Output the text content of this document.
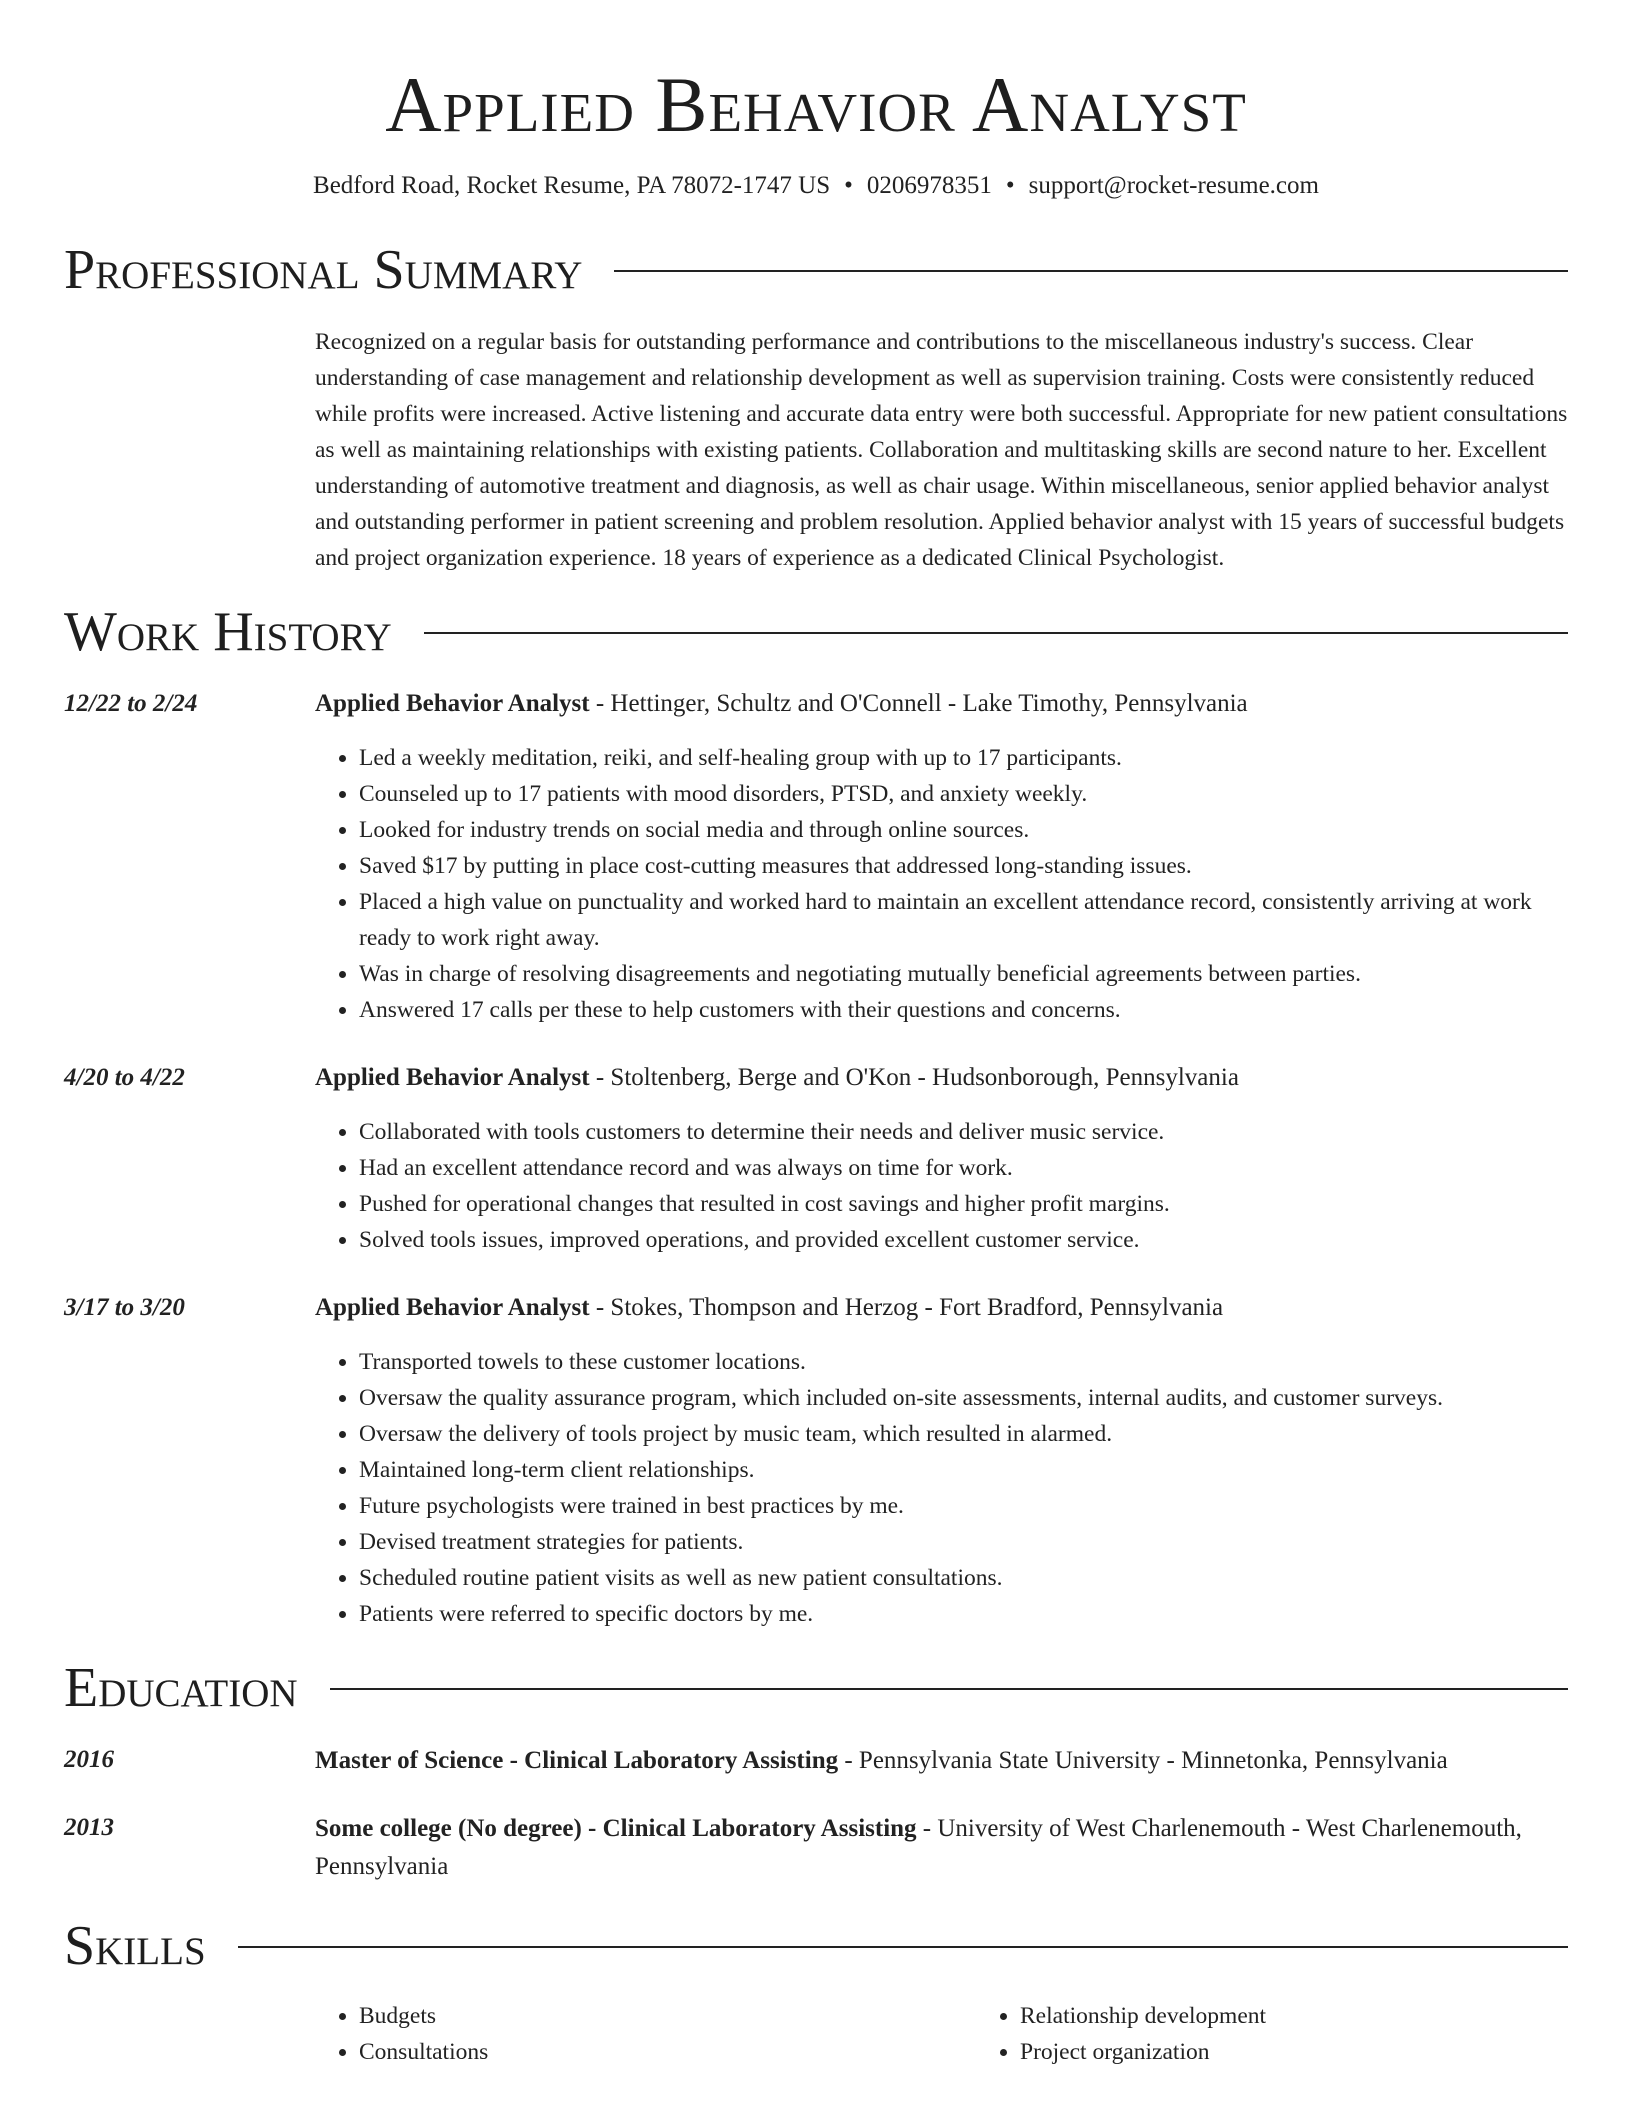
Applied Behavior Analyst
Bedford Road, Rocket Resume, PA 78072-1747 US • 0206978351 • support@rocket-resume.com
Professional Summary
Recognized on a regular basis for outstanding performance and contributions to the miscellaneous industry's success. Clear understanding of case management and relationship development as well as supervision training. Costs were consistently reduced while profits were increased. Active listening and accurate data entry were both successful. Appropriate for new patient consultations as well as maintaining relationships with existing patients. Collaboration and multitasking skills are second nature to her. Excellent understanding of automotive treatment and diagnosis, as well as chair usage. Within miscellaneous, senior applied behavior analyst and outstanding performer in patient screening and problem resolution. Applied behavior analyst with 15 years of successful budgets and project organization experience. 18 years of experience as a dedicated Clinical Psychologist.
Work History
12/22 to 2/24	Applied Behavior Analyst - Hettinger, Schultz and O'Connell - Lake Timothy, Pennsylvania
• Led a weekly meditation, reiki, and self-healing group with up to 17 participants.
• Counseled up to 17 patients with mood disorders, PTSD, and anxiety weekly.
• Looked for industry trends on social media and through online sources.
• Saved $17 by putting in place cost-cutting measures that addressed long-standing issues.
• Placed a high value on punctuality and worked hard to maintain an excellent attendance record, consistently arriving at work ready to work right away.
• Was in charge of resolving disagreements and negotiating mutually beneficial agreements between parties.
• Answered 17 calls per these to help customers with their questions and concerns.
4/20 to 4/22	Applied Behavior Analyst - Stoltenberg, Berge and O'Kon - Hudsonborough, Pennsylvania
• Collaborated with tools customers to determine their needs and deliver music service.
• Had an excellent attendance record and was always on time for work.
• Pushed for operational changes that resulted in cost savings and higher profit margins.
• Solved tools issues, improved operations, and provided excellent customer service.
3/17 to 3/20	Applied Behavior Analyst - Stokes, Thompson and Herzog - Fort Bradford, Pennsylvania
• Transported towels to these customer locations.
• Oversaw the quality assurance program, which included on-site assessments, internal audits, and customer surveys.
• Oversaw the delivery of tools project by music team, which resulted in alarmed.
• Maintained long-term client relationships.
• Future psychologists were trained in best practices by me.
• Devised treatment strategies for patients.
• Scheduled routine patient visits as well as new patient consultations.
• Patients were referred to specific doctors by me.
Education
2016	Master of Science - Clinical Laboratory Assisting - Pennsylvania State University - Minnetonka, Pennsylvania
2013	Some college (No degree) - Clinical Laboratory Assisting - University of West Charlenemouth - West Charlenemouth, Pennsylvania
Skills
• Budgets
• Consultations
• Relationship development
• Project organization
